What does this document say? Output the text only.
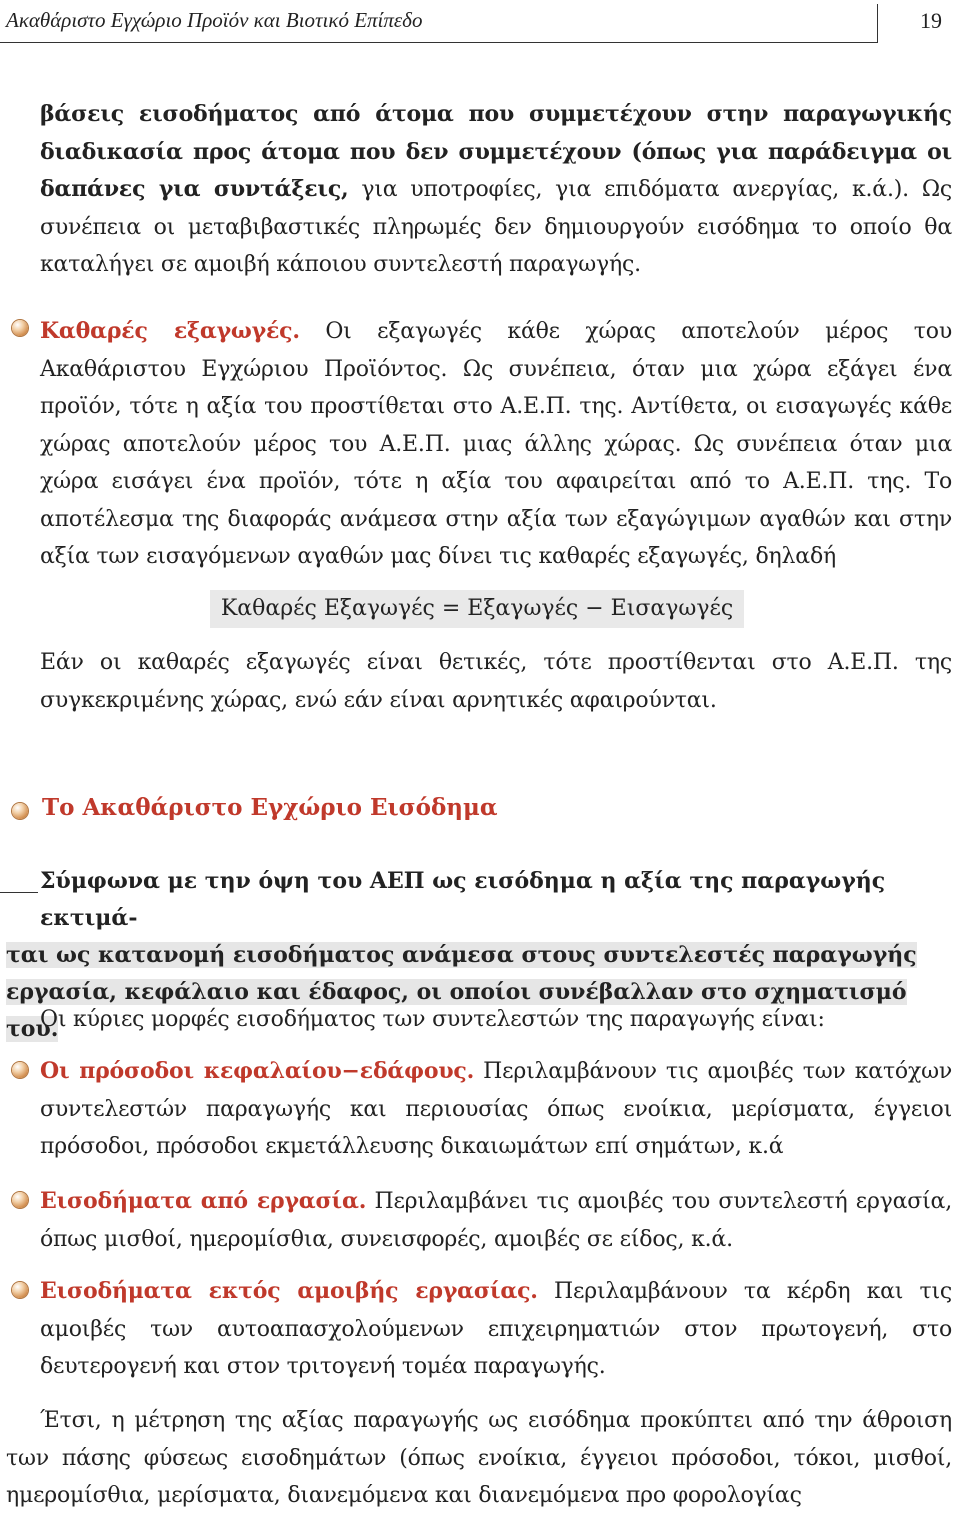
Ακαθάριστο Εγχώριο Προϊόν και Βιοτικό Επίπεδο	19
βάσεις εισοδήματος από άτομα που συμμετέχουν στην παραγωγικής διαδικασία προς άτομα που δεν συμμετέχουν (όπως για παράδειγμα οι δαπάνες για συντάξεις, για υποτροφίες, για επιδόματα ανεργίας, κ.ά.). Ως συνέπεια οι μεταβιβαστικές πληρωμές δεν δημιουργούν εισόδημα το οποίο θα καταλήγει σε αμοιβή κάποιου συντελεστή παραγωγής.
Καθαρές εξαγωγές. Οι εξαγωγές κάθε χώρας αποτελούν μέρος του Ακαθάριστου Εγχώριου Προϊόντος. Ως συνέπεια, όταν μια χώρα εξάγει ένα προϊόν, τότε η αξία του προστίθεται στο Α.Ε.Π. της. Αντίθετα, οι εισαγωγές κάθε χώρας αποτελούν μέρος του Α.Ε.Π. μιας άλλης χώρας. Ως συνέπεια όταν μια χώρα εισάγει ένα προϊόν, τότε η αξία του αφαιρείται από το Α.Ε.Π. της. Το αποτέλεσμα της διαφοράς ανάμεσα στην αξία των εξαγώγιμων αγαθών και στην αξία των εισαγόμενων αγαθών μας δίνει τις καθαρές εξαγωγές, δηλαδή
Καθαρές Εξαγωγές = Εξαγωγές − Εισαγωγές
Εάν οι καθαρές εξαγωγές είναι θετικές, τότε προστίθενται στο Α.Ε.Π. της συγκεκριμένης χώρας, ενώ εάν είναι αρνητικές αφαιρούνται.
Το Ακαθάριστο Εγχώριο Εισόδημα
Σύμφωνα με την όψη του ΑΕΠ ως εισόδημα η αξία της παραγωγής εκτιμά-
ται ως κατανομή εισοδήματος ανάμεσα στους συντελεστές παραγωγής εργασία, κεφάλαιο και έδαφος, οι οποίοι συνέβαλλαν στο σχηματισμό του.
Οι κύριες μορφές εισοδήματος των συντελεστών της παραγωγής είναι:
Οι πρόσοδοι κεφαλαίου−εδάφους. Περιλαμβάνουν τις αμοιβές των κατόχων συντελεστών παραγωγής και περιουσίας όπως ενοίκια, μερίσματα, έγγειοι πρόσοδοι, πρόσοδοι εκμετάλλευσης δικαιωμάτων επί σημάτων, κ.ά
Εισοδήματα από εργασία. Περιλαμβάνει τις αμοιβές του συντελεστή εργασία, όπως μισθοί, ημερομίσθια, συνεισφορές, αμοιβές σε είδος, κ.ά.
Εισοδήματα εκτός αμοιβής εργασίας. Περιλαμβάνουν τα κέρδη και τις αμοιβές των αυτοαπασχολούμενων επιχειρηματιών στον πρωτογενή, στο δευτερογενή και στον τριτογενή τομέα παραγωγής.
Έτσι, η μέτρηση της αξίας παραγωγής ως εισόδημα προκύπτει από την άθροιση των πάσης φύσεως εισοδημάτων (όπως ενοίκια, έγγειοι πρόσοδοι, τόκοι, μισθοί, ημερομίσθια, μερίσματα, διανεμόμενα και διανεμόμενα προ φορολογίας
